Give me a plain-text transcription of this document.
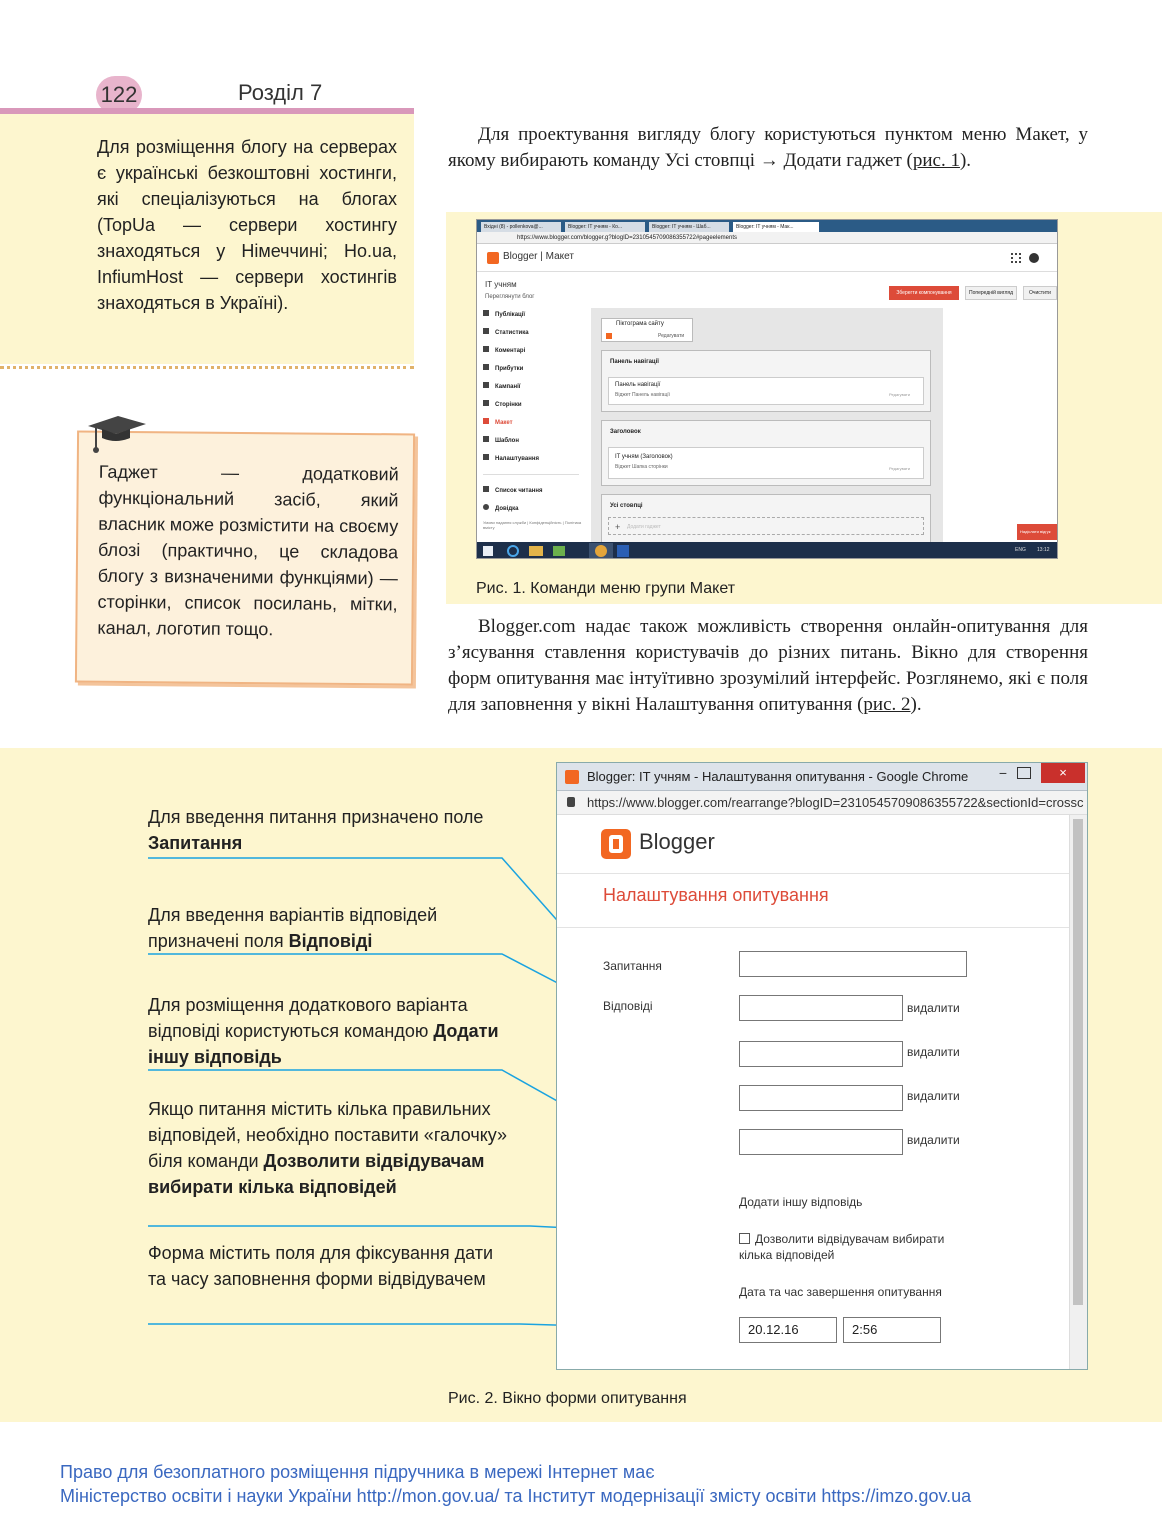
122	Розділ 7

Для розміщення блогу на серверах є українські безкоштовні хостинги, які спеціалізуються на блогах (TopUa — сервери хостингу знаходяться у Німеччині; Ho.ua, InfiumHost — сервери хостингів знаходяться в Україні).

Гаджет — додатковий функціональний засіб, який власник може розмістити на своєму блозі (практично, це складова блогу з визначеними функціями) — сторінки, список посилань, мітки, канал, логотип тощо.

Для проектування вигляду блогу користуються пунктом меню Макет, у якому вибирають команду Усі стовпці → Додати гаджет (рис. 1).
Вхідні (8) - pollenkova@...	Blogger: IT учням - Ко...	Blogger: IT учням - Шаб...	Blogger: IT учням - Мак...
https://www.blogger.com/blogger.g?blogID=2310545709086355722#pageelements
Blogger | Макет
IT учням
Переглянути блог
Зберегти компонування	Попередній вигляд	Очистити
Публікації
Статистика
Коментарі
Прибутки
Кампанії
Сторінки
Макет
Шаблон
Налаштування
Список читання
Довідка
Умови надання служби | Конфіденційність | Політика вмісту
Піктограма сайту
Редагувати
Панель навігації
Панель навігації
Віджет Панель навігації	Редагувати
Заголовок
IT учням (Заголовок)
Віджет Шапка сторінки	Редагувати
Усі стовпці
+ Додати гаджет
Надіслати відгук
ENG 13:12
Рис. 1. Команди меню групи Макет
Blogger.com надає також можливість створення онлайн-опитування для з’ясування ставлення користувачів до різних питань. Вікно для створення форм опитування має інтуїтивно зрозумілий інтерфейс. Розглянемо, які є поля для заповнення у вікні Налаштування опитування (рис. 2).
Для введення питання призначено поле Запитання
Для введення варіантів відповідей призначені поля Відповіді
Для розміщення додаткового варіанта відповіді користуються командою Додати іншу відповідь
Якщо питання містить кілька правильних відповідей, необхідно поставити «галочку» біля команди Дозволити відвідувачам вибирати кілька відповідей
Форма містить поля для фіксування дати та часу заповнення форми відвідувачем
Blogger: IT учням - Налаштування опитування - Google Chrome −	×
https://www.blogger.com/rearrange?blogID=2310545709086355722&sectionId=crossc
Blogger
Налаштування опитування
Запитання
Відповіді	видалити
видалити
видалити
видалити
Додати іншу відповідь
Дозволити відвідувачам вибирати кілька відповідей
Дата та час завершення опитування
20.12.16	2:56
Рис. 2. Вікно форми опитування
Право для безоплатного розміщення підручника в мережі Інтернет має
Міністерство освіти і науки України http://mon.gov.ua/ та Інститут модернізації змісту освіти https://imzo.gov.ua
